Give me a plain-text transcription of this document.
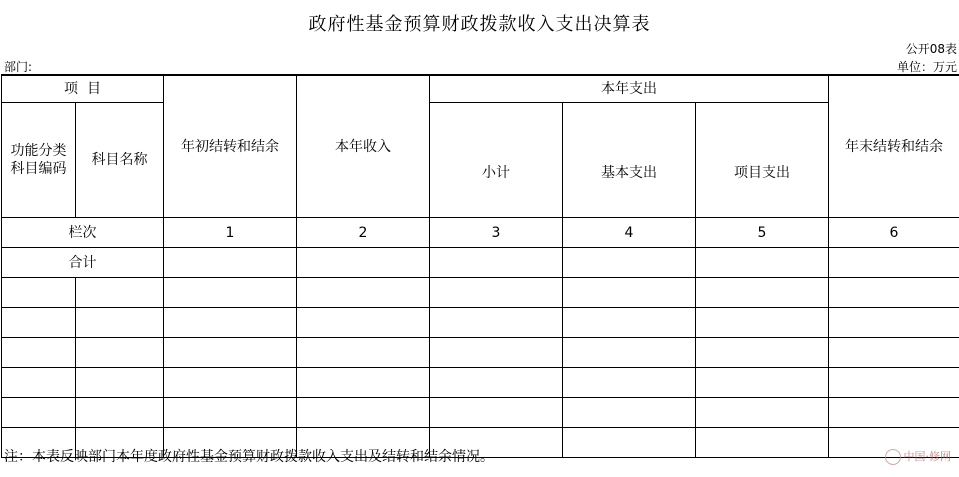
政府性基金预算财政拨款收入支出决算表
公开08表
部门:	单位：万元
项  目		年初结转和结余	本年收入	本年支出			年末结转和结余

功能分类科目编码	科目名称			小计	基本支出	项目支出	
栏次		1	2	3	4	5	6
合计							

注：本表反映部门本年度政府性基金预算财政拨款收入支出及结转和结余情况。	中国·修网
